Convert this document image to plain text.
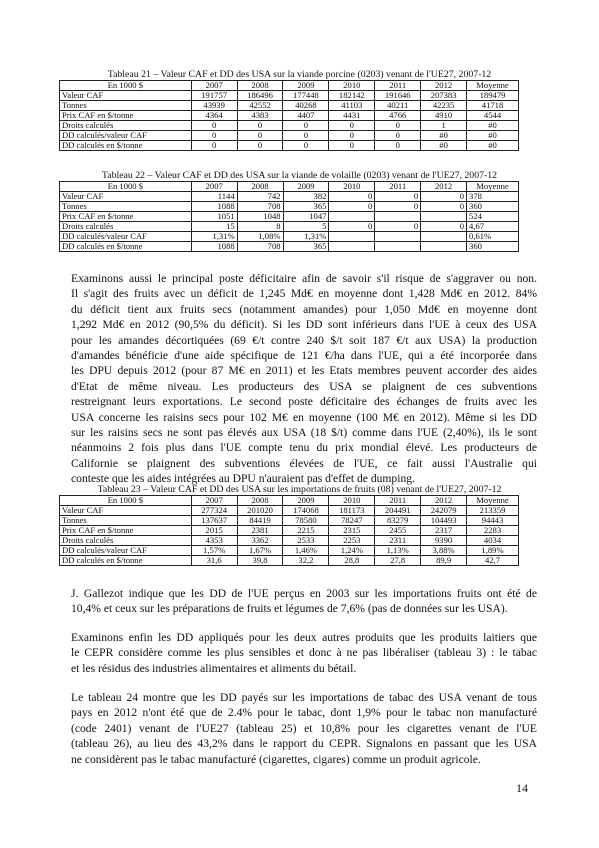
Tableau 21 – Valeur CAF et DD des USA sur la viande porcine (0203) venant de l'UE27, 2007-12
En 1000 $	2007	2008	2009	2010	2011	2012	Moyenne
Valeur CAF	191757	186496	177448	182142	191646	207383	189479
Tonnes	43939	42552	40268	41103	40211	42235	41718
Prix CAF en $/tonne	4364	4383	4407	4431	4766	4910	4544
Droits calculés	0	0	0	0	0	1	#0
DD calculés/valeur CAF	0	0	0	0	0	#0	#0
DD calculés en $/tonne	0	0	0	0	0	#0	#0
Tableau 22 – Valeur CAF et DD des USA sur la viande de volaille (0203) venant de l'UE27, 2007-12
En 1000 $	2007	2008	2009	2010	2011	2012	Moyenne
Valeur CAF	1144	742	382	0	0	0	378
Tonnes	1088	708	365	0	0	0	360
Prix CAF en $/tonne	1051	1048	1047				524
Droits calculés	15	8	5	0	0	0	4,67
DD calculés/valeur CAF	1,31%	1,08%	1,31%				0,61%
DD calculés en $/tonne	1088	708	365				360
Examinons aussi le principal poste déficitaire afin de savoir s'il risque de s'aggraver ou non.
Il s'agit des fruits avec un déficit de 1,245 Md€ en moyenne dont 1,428 Md€ en 2012. 84%
du déficit tient aux fruits secs (notamment amandes) pour 1,050 Md€ en moyenne dont
1,292 Md€ en 2012 (90,5% du déficit). Si les DD sont inférieurs dans l'UE à ceux des USA
pour les amandes décortiquées (69 €/t contre 240 $/t soit 187 €/t aux USA) la production
d'amandes bénéficie d'une aide spécifique de 121 €/ha dans l'UE, qui a été incorporée dans
les DPU depuis 2012 (pour 87 M€ en 2011) et les Etats membres peuvent accorder des aides
d'Etat de même niveau. Les producteurs des USA se plaignent de ces subventions
restreignant leurs exportations. Le second poste déficitaire des échanges de fruits avec les
USA concerne les raisins secs pour 102 M€ en moyenne (100 M€ en 2012). Même si les DD
sur les raisins secs ne sont pas élevés aux USA (18 $/t) comme dans l'UE (2,40%), ils le sont
néanmoins 2 fois plus dans l'UE compte tenu du prix mondial élevé. Les producteurs de
Californie se plaignent des subventions élevées de l'UE, ce fait aussi l'Australie qui
conteste que les aides intégrées au DPU n'auraient pas d'effet de dumping.
Tableau 23 – Valeur CAF et DD des USA sur les importations de fruits (08) venant de l'UE27, 2007-12
En 1000 $	2007	2008	2009	2010	2011	2012	Moyenne
Valeur CAF	277324	201020	174068	181173	204491	242079	213359
Tonnes	137637	84419	78580	78247	83279	104493	94443
Prix CAF en $/tonne	2015	2381	2215	2315	2455	2317	2283
Droits calculés	4353	3362	2533	2253	2311	9390	4034
DD calculés/valeur CAF	1,57%	1,67%	1,46%	1,24%	1,13%	3,88%	1,89%
DD calculés en $/tonne	31,6	39,8	32,2	28,8	27,8	89,9	42,7
J. Gallezot indique que les DD de l'UE perçus en 2003 sur les importations fruits ont été de
10,4% et ceux sur les préparations de fruits et légumes de 7,6% (pas de données sur les USA).
Examinons enfin les DD appliqués pour les deux autres produits que les produits laitiers que
le CEPR considère comme les plus sensibles et donc à ne pas libéraliser (tableau 3) : le tabac
et les résidus des industries alimentaires et aliments du bétail.
Le tableau 24 montre que les DD payés sur les importations de tabac des USA venant de tous
pays en 2012 n'ont été que de 2.4% pour le tabac, dont 1,9% pour le tabac non manufacturé
(code 2401) venant de l'UE27 (tableau 25) et 10,8% pour les cigarettes venant de l'UE
(tableau 26), au lieu des 43,2% dans le rapport du CEPR. Signalons en passant que les USA
ne considèrent pas le tabac manufacturé (cigarettes, cigares) comme un produit agricole.
14
